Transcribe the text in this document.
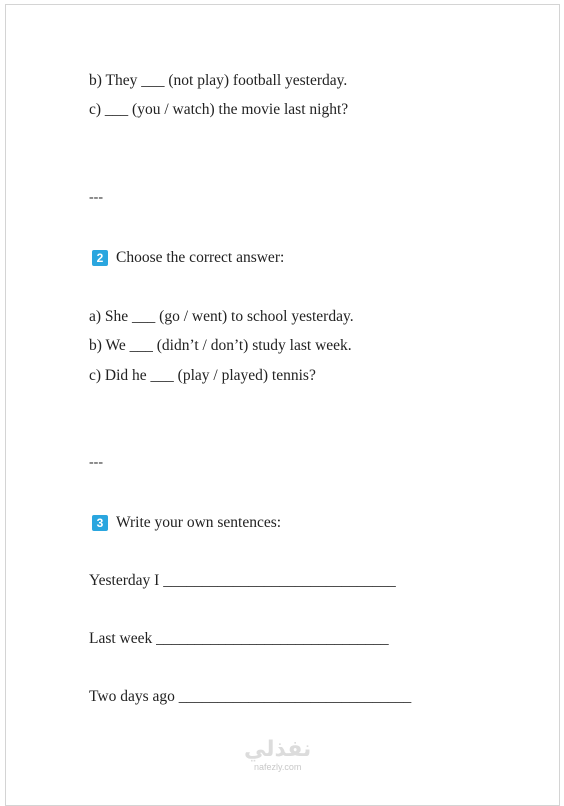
b) They ___ (not play) football yesterday.
c) ___ (you / watch) the movie last night?
---
2 Choose the correct answer:
a) She ___ (go / went) to school yesterday.
b) We ___ (didn’t / don’t) study last week.
c) Did he ___ (play / played) tennis?
---
3 Write your own sentences:
Yesterday I ______________________________
Last week ______________________________
Two days ago ______________________________
نفذلي
nafezly.com
